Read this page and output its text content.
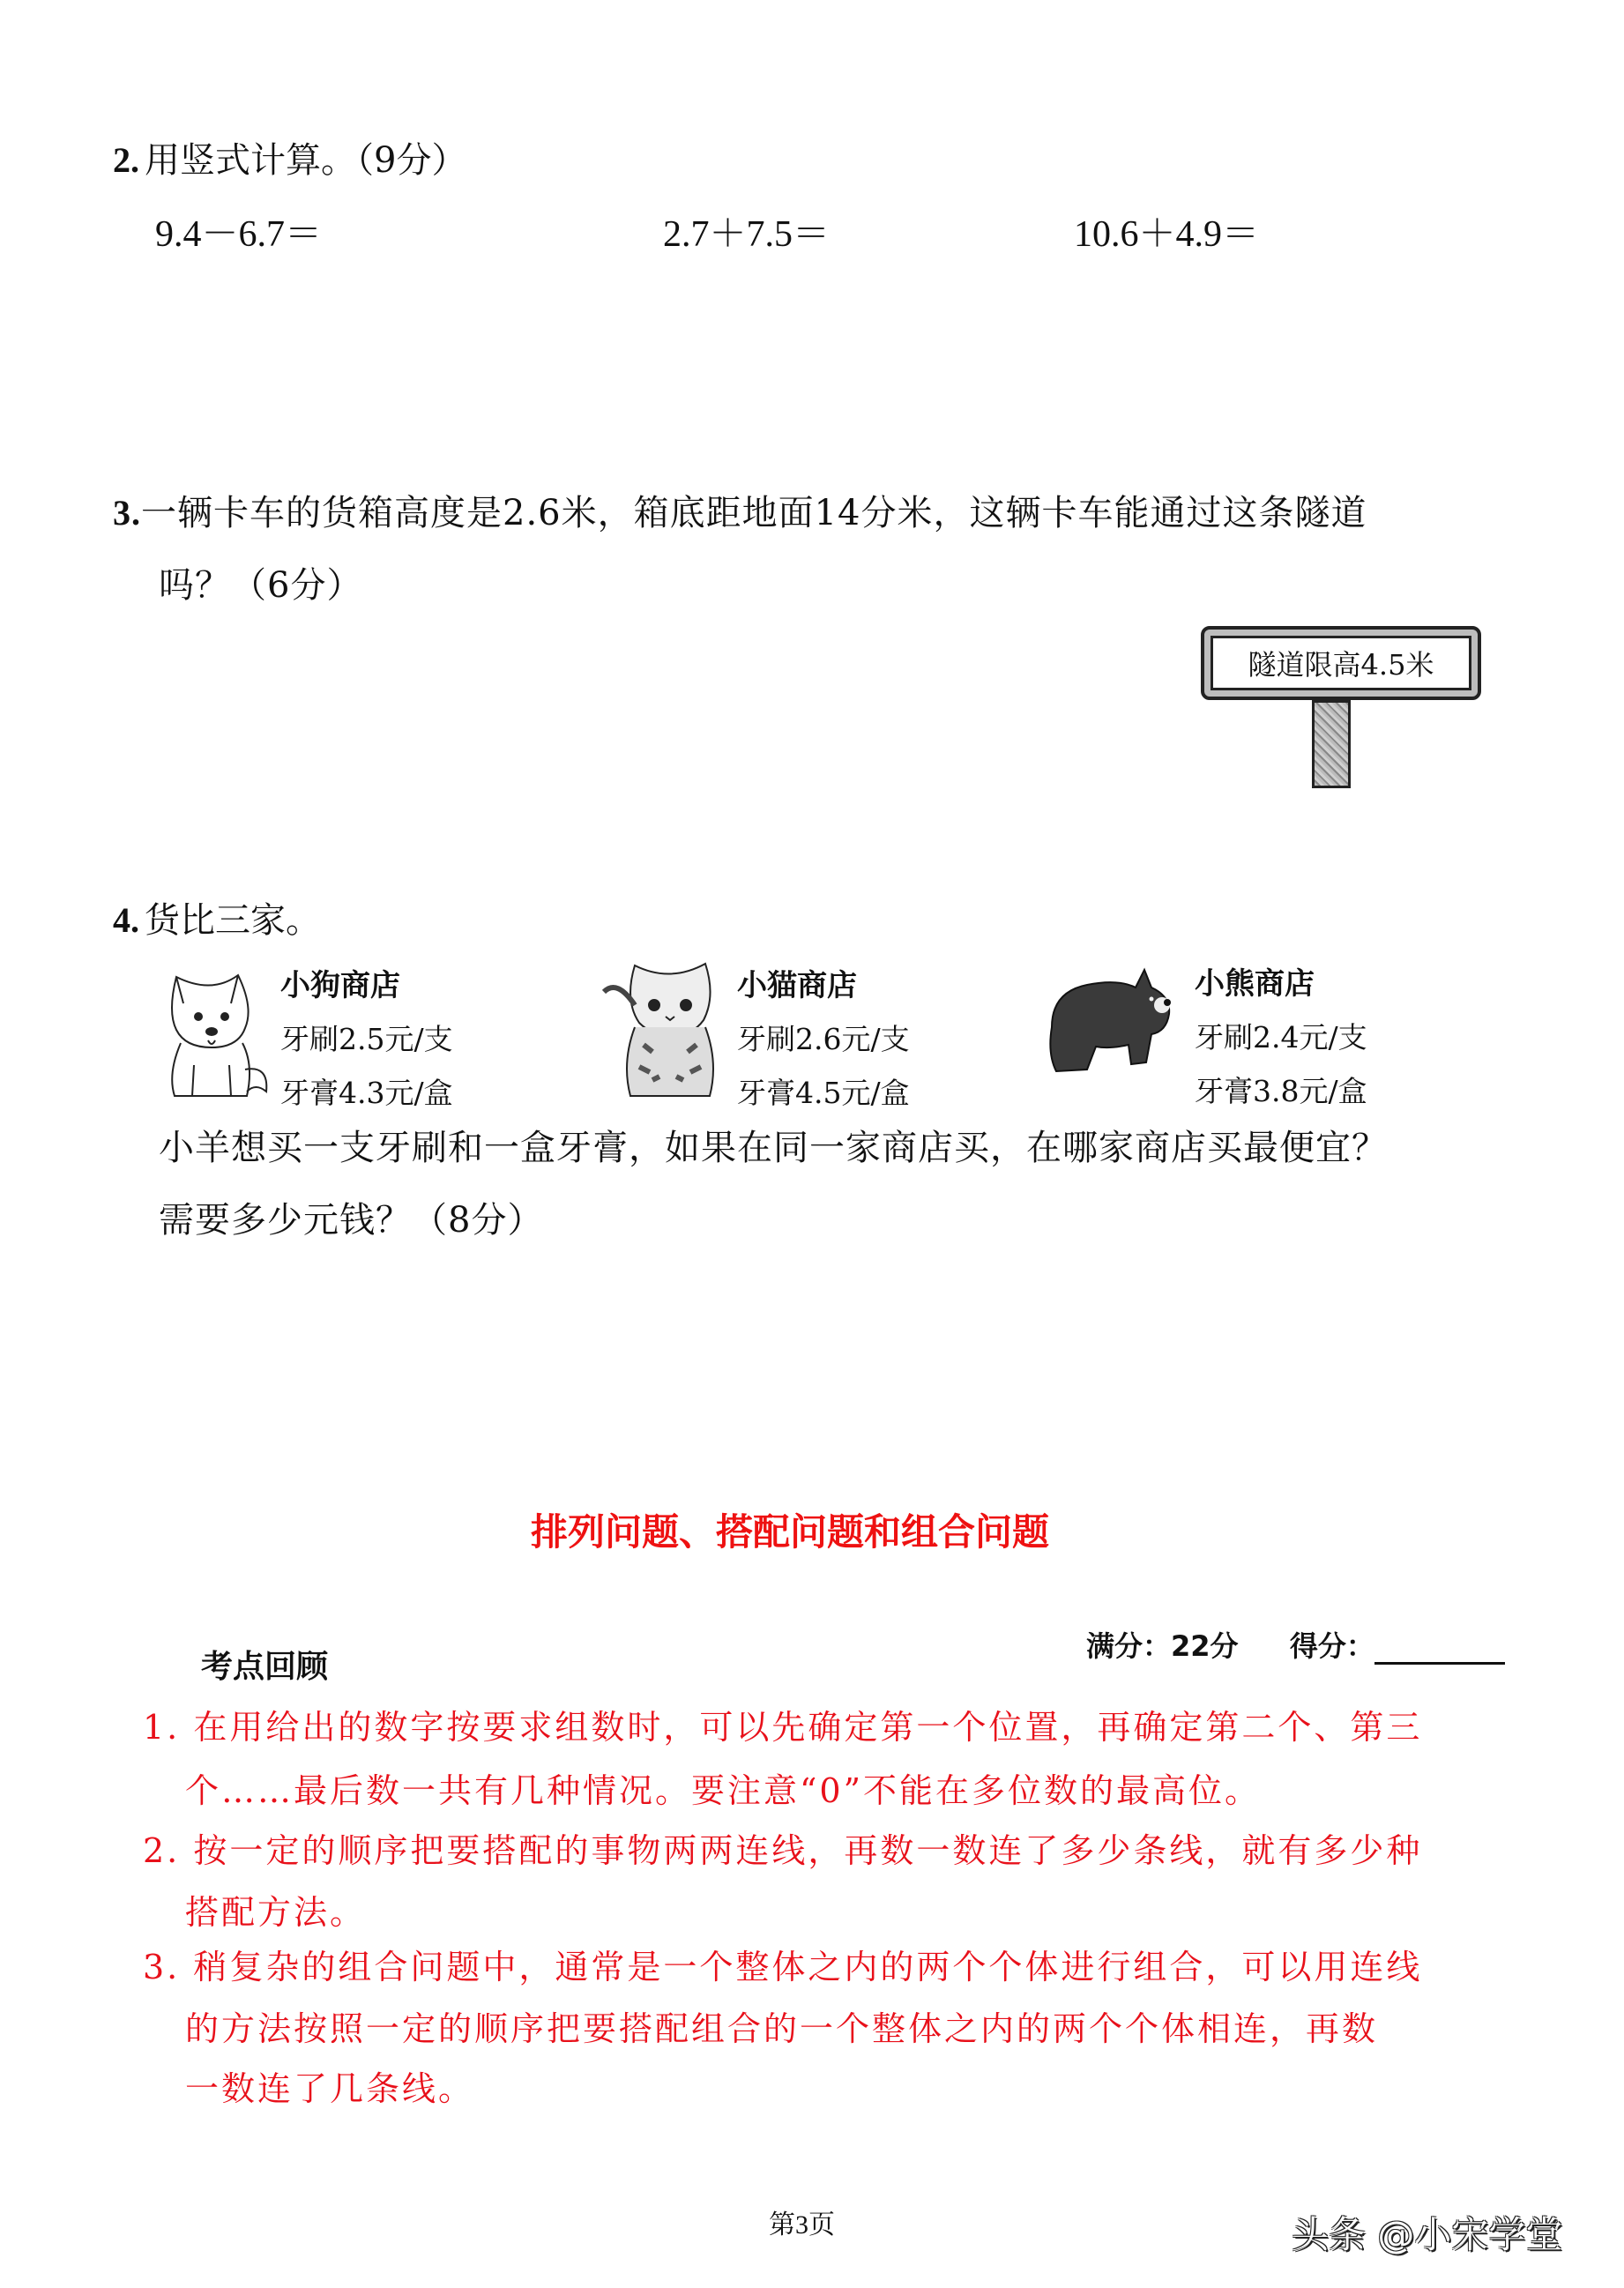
2. 用竖式计算。（9分）
9.4－6.7＝	2.7＋7.5＝	10.6＋4.9＝
3.一辆卡车的货箱高度是2.6米，箱底距地面14分米，这辆卡车能通过这条隧道
吗？（6分）
隧道限高4.5米
4. 货比三家。
小狗商店
牙刷2.5元/支
牙膏4.3元/盒
小猫商店
牙刷2.6元/支
牙膏4.5元/盒
小熊商店
牙刷2.4元/支
牙膏3.8元/盒
小羊想买一支牙刷和一盒牙膏，如果在同一家商店买，在哪家商店买最便宜？
需要多少元钱？（8分）
排列问题、搭配问题和组合问题
考点回顾
满分：22分 得分：
1. 在用给出的数字按要求组数时，可以先确定第一个位置，再确定第二个、第三
个……最后数一共有几种情况。要注意“0”不能在多位数的最高位。
2. 按一定的顺序把要搭配的事物两两连线，再数一数连了多少条线，就有多少种
搭配方法。
3. 稍复杂的组合问题中，通常是一个整体之内的两个个体进行组合，可以用连线
的方法按照一定的顺序把要搭配组合的一个整体之内的两个个体相连，再数
一数连了几条线。
第3页	头条 @小宋学堂
